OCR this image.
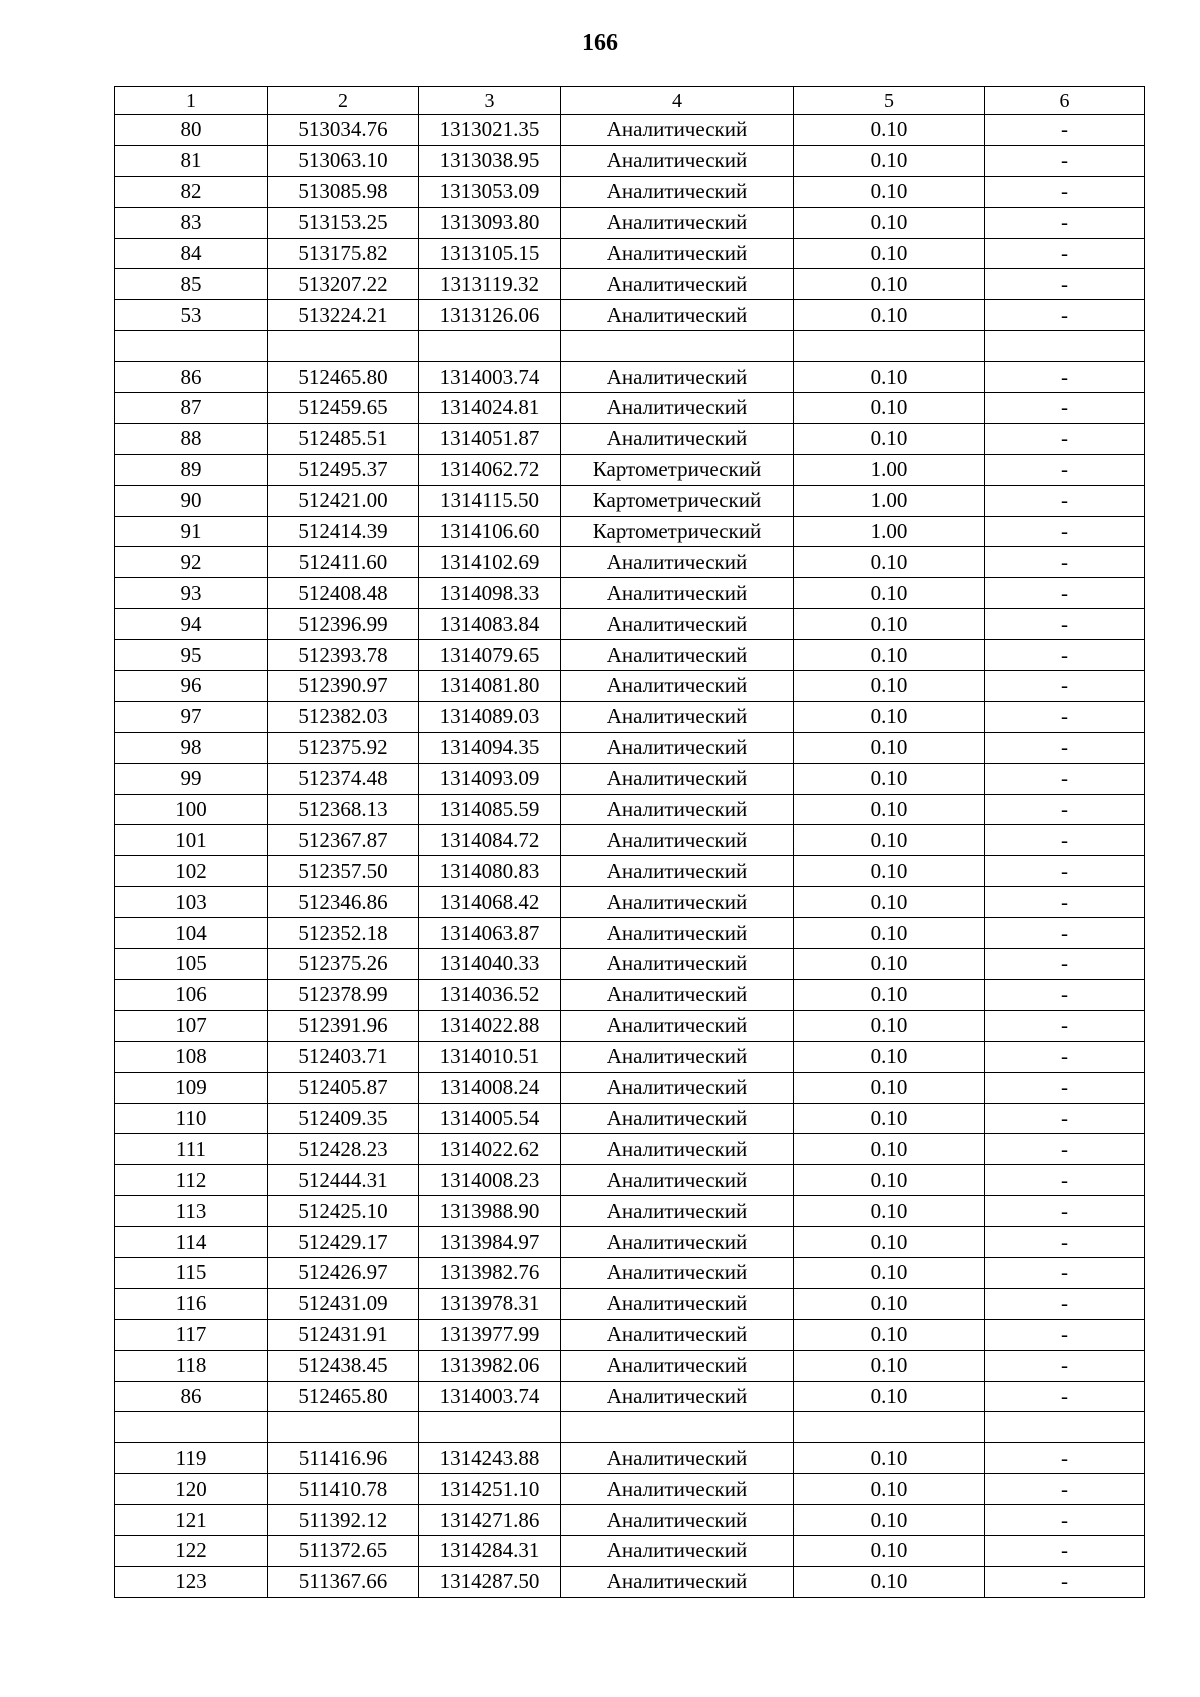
166
1	2	3	4	5	6
80	513034.76	1313021.35	Аналитический	0.10	-
81	513063.10	1313038.95	Аналитический	0.10	-
82	513085.98	1313053.09	Аналитический	0.10	-
83	513153.25	1313093.80	Аналитический	0.10	-
84	513175.82	1313105.15	Аналитический	0.10	-
85	513207.22	1313119.32	Аналитический	0.10	-
53	513224.21	1313126.06	Аналитический	0.10	-

86	512465.80	1314003.74	Аналитический	0.10	-
87	512459.65	1314024.81	Аналитический	0.10	-
88	512485.51	1314051.87	Аналитический	0.10	-
89	512495.37	1314062.72	Картометрический	1.00	-
90	512421.00	1314115.50	Картометрический	1.00	-
91	512414.39	1314106.60	Картометрический	1.00	-
92	512411.60	1314102.69	Аналитический	0.10	-
93	512408.48	1314098.33	Аналитический	0.10	-
94	512396.99	1314083.84	Аналитический	0.10	-
95	512393.78	1314079.65	Аналитический	0.10	-
96	512390.97	1314081.80	Аналитический	0.10	-
97	512382.03	1314089.03	Аналитический	0.10	-
98	512375.92	1314094.35	Аналитический	0.10	-
99	512374.48	1314093.09	Аналитический	0.10	-
100	512368.13	1314085.59	Аналитический	0.10	-
101	512367.87	1314084.72	Аналитический	0.10	-
102	512357.50	1314080.83	Аналитический	0.10	-
103	512346.86	1314068.42	Аналитический	0.10	-
104	512352.18	1314063.87	Аналитический	0.10	-
105	512375.26	1314040.33	Аналитический	0.10	-
106	512378.99	1314036.52	Аналитический	0.10	-
107	512391.96	1314022.88	Аналитический	0.10	-
108	512403.71	1314010.51	Аналитический	0.10	-
109	512405.87	1314008.24	Аналитический	0.10	-
110	512409.35	1314005.54	Аналитический	0.10	-
111	512428.23	1314022.62	Аналитический	0.10	-
112	512444.31	1314008.23	Аналитический	0.10	-
113	512425.10	1313988.90	Аналитический	0.10	-
114	512429.17	1313984.97	Аналитический	0.10	-
115	512426.97	1313982.76	Аналитический	0.10	-
116	512431.09	1313978.31	Аналитический	0.10	-
117	512431.91	1313977.99	Аналитический	0.10	-
118	512438.45	1313982.06	Аналитический	0.10	-
86	512465.80	1314003.74	Аналитический	0.10	-

119	511416.96	1314243.88	Аналитический	0.10	-
120	511410.78	1314251.10	Аналитический	0.10	-
121	511392.12	1314271.86	Аналитический	0.10	-
122	511372.65	1314284.31	Аналитический	0.10	-
123	511367.66	1314287.50	Аналитический	0.10	-
